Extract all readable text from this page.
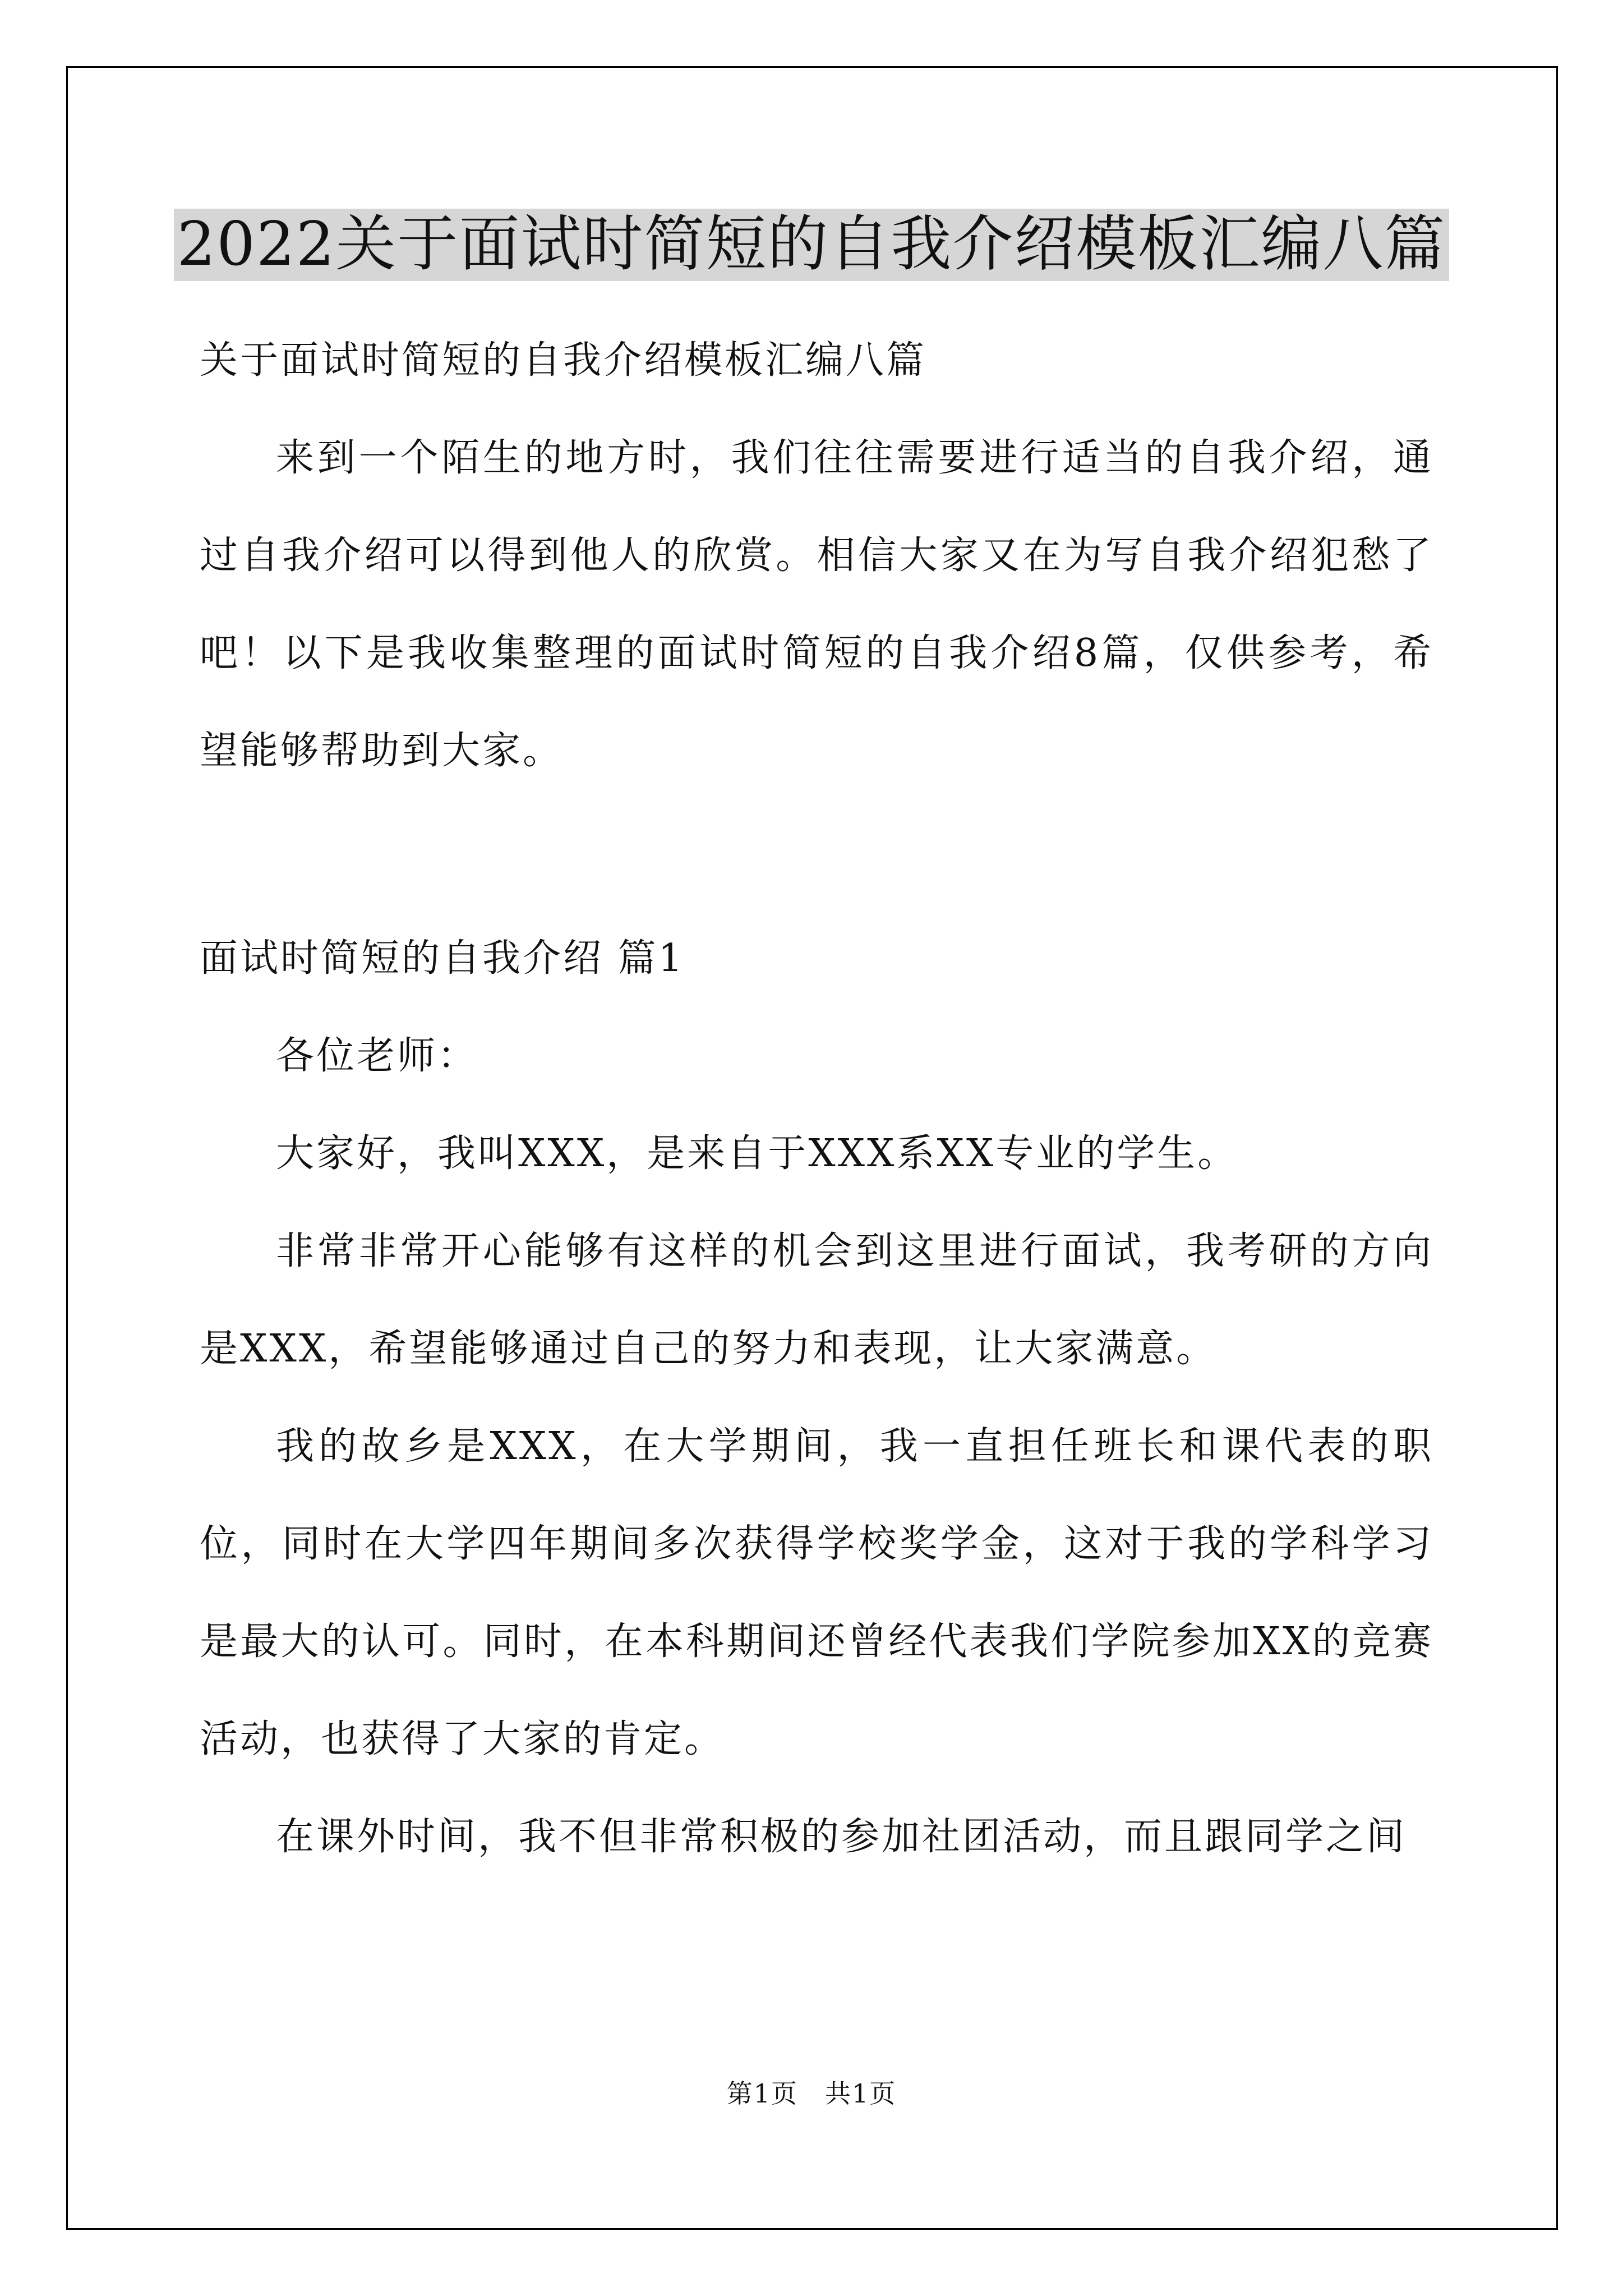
2022关于面试时简短的自我介绍模板汇编八篇
关于面试时简短的自我介绍模板汇编八篇

来到一个陌生的地方时，我们往往需要进行适当的自我介绍，通过自我介绍可以得到他人的欣赏。相信大家又在为写自我介绍犯愁了吧！以下是我收集整理的面试时简短的自我介绍8篇，仅供参考，希望能够帮助到大家。

面试时简短的自我介绍 篇1

各位老师：

大家好，我叫XXX，是来自于XXX系XX专业的学生。

非常非常开心能够有这样的机会到这里进行面试，我考研的方向是XXX，希望能够通过自己的努力和表现，让大家满意。

我的故乡是XXX，在大学期间，我一直担任班长和课代表的职位，同时在大学四年期间多次获得学校奖学金，这对于我的学科学习是最大的认可。同时，在本科期间还曾经代表我们学院参加XX的竞赛活动，也获得了大家的肯定。

在课外时间，我不但非常积极的参加社团活动，而且跟同学之间

第1页　共1页
